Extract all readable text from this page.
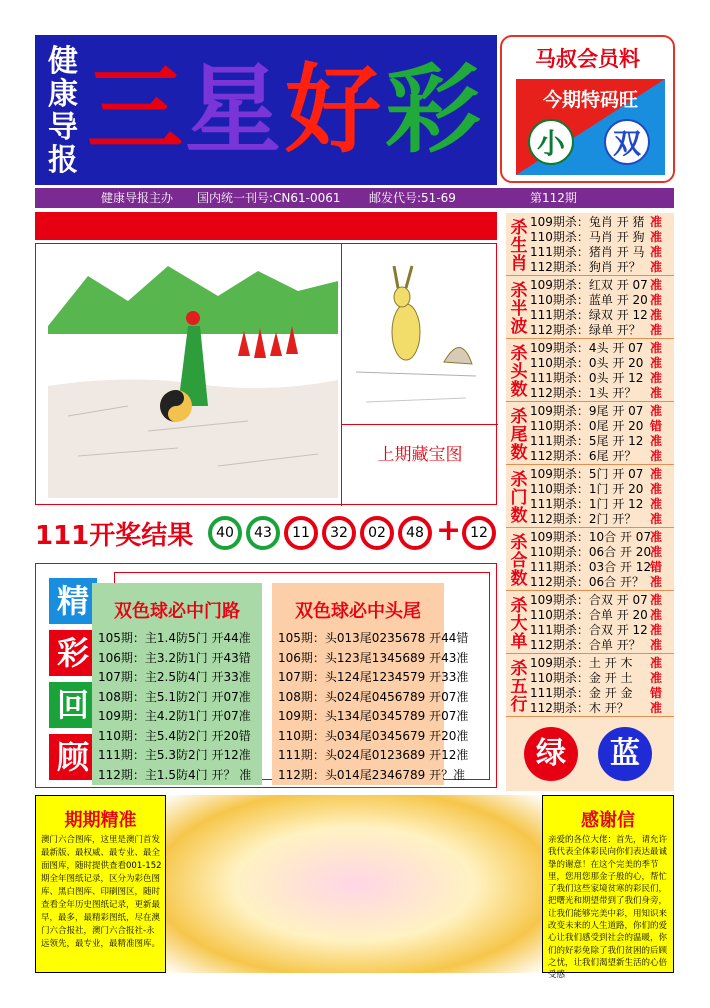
健
康
导
报 三 星 好 彩	马叔会员料
今期特码旺
小	双
健康导报主办 国内统一刊号:CN61-0061 邮发代号:51-69	第112期
上期藏宝图
杀生肖
109期杀：兔肖 开 猪 准
110期杀：马肖 开 狗 准
111期杀：猪肖 开 马 准
112期杀：狗肖 开？ 准
杀半波
109期杀：红双 开 07 准
110期杀：蓝单 开 20 准
111期杀：绿双 开 12 准
112期杀：绿单 开？ 准
杀头数
109期杀：4头 开 07 准
110期杀：0头 开 20 准
111期杀：0头 开 12 准
112期杀：1头 开？ 准
杀尾数
109期杀：9尾 开 07 准
110期杀：0尾 开 20 错
111期杀：5尾 开 12 准
112期杀：6尾 开？ 准
杀门数
109期杀：5门 开 07 准
110期杀：1门 开 20 准
111期杀：1门 开 12 准
112期杀：2门 开？ 准
杀合数
109期杀：10合 开 07准
110期杀：06合 开 20准
111期杀：03合 开 12错
112期杀：06合 开？ 准
杀大单
109期杀：合双 开 07 准
110期杀：合单 开 20 准
111期杀：合双 开 12 准
112期杀：合单 开？ 准
杀五行
109期杀：土 开 木 准
110期杀：金 开 土 准
111期杀：金 开 金 错
112期杀：木 开？ 准
绿	蓝
111开奖结果	40	43	11	32	02	48 + 12
精
彩
回
顾
双色球必中门路
105期：主1.4防5门 开44准
106期：主3.2防1门 开43错
107期：主2.5防4门 开33准
108期：主5.1防2门 开07准
109期：主4.2防1门 开07准
110期：主5.4防2门 开20错
111期：主5.3防2门 开12准
112期：主1.5防4门 开？ 准
双色球必中头尾
105期：头013尾0235678 开44错
106期：头123尾1345689 开43准
107期：头124尾1234579 开33准
108期：头024尾0456789 开07准
109期：头134尾0345789 开07准
110期：头034尾0345679 开20准
111期：头024尾0123689 开12准
112期：头014尾2346789 开？准
期期精准
澳门六合图库，这里是澳门首发最新版、最权威、最专业、最全面图库，随时提供查看001-152期全年图纸记录，区分为彩色图库、黑白图库、印刷图区，随时查看全年历史图纸记录，更新最早，最多，最精彩图纸，尽在澳门六合报社，澳门六合报社-永远领先，最专业，最精准图库。
感谢信
亲爱的各位大佬：首先，请允许我代表全体彩民向你们表达最诚挚的谢意！在这个完美的季节里，您用您那金子般的心，帮忙了我们这些家境贫寒的彩民们，把曙光和期望带到了我们身旁，让我们能够完美中彩，用知识来改变未来的人生道路，你们的爱心让我们感受到社会的温暖，你们的好彩免除了我们贫困的后顾之忧，让我们渴望新生活的心倍受感
